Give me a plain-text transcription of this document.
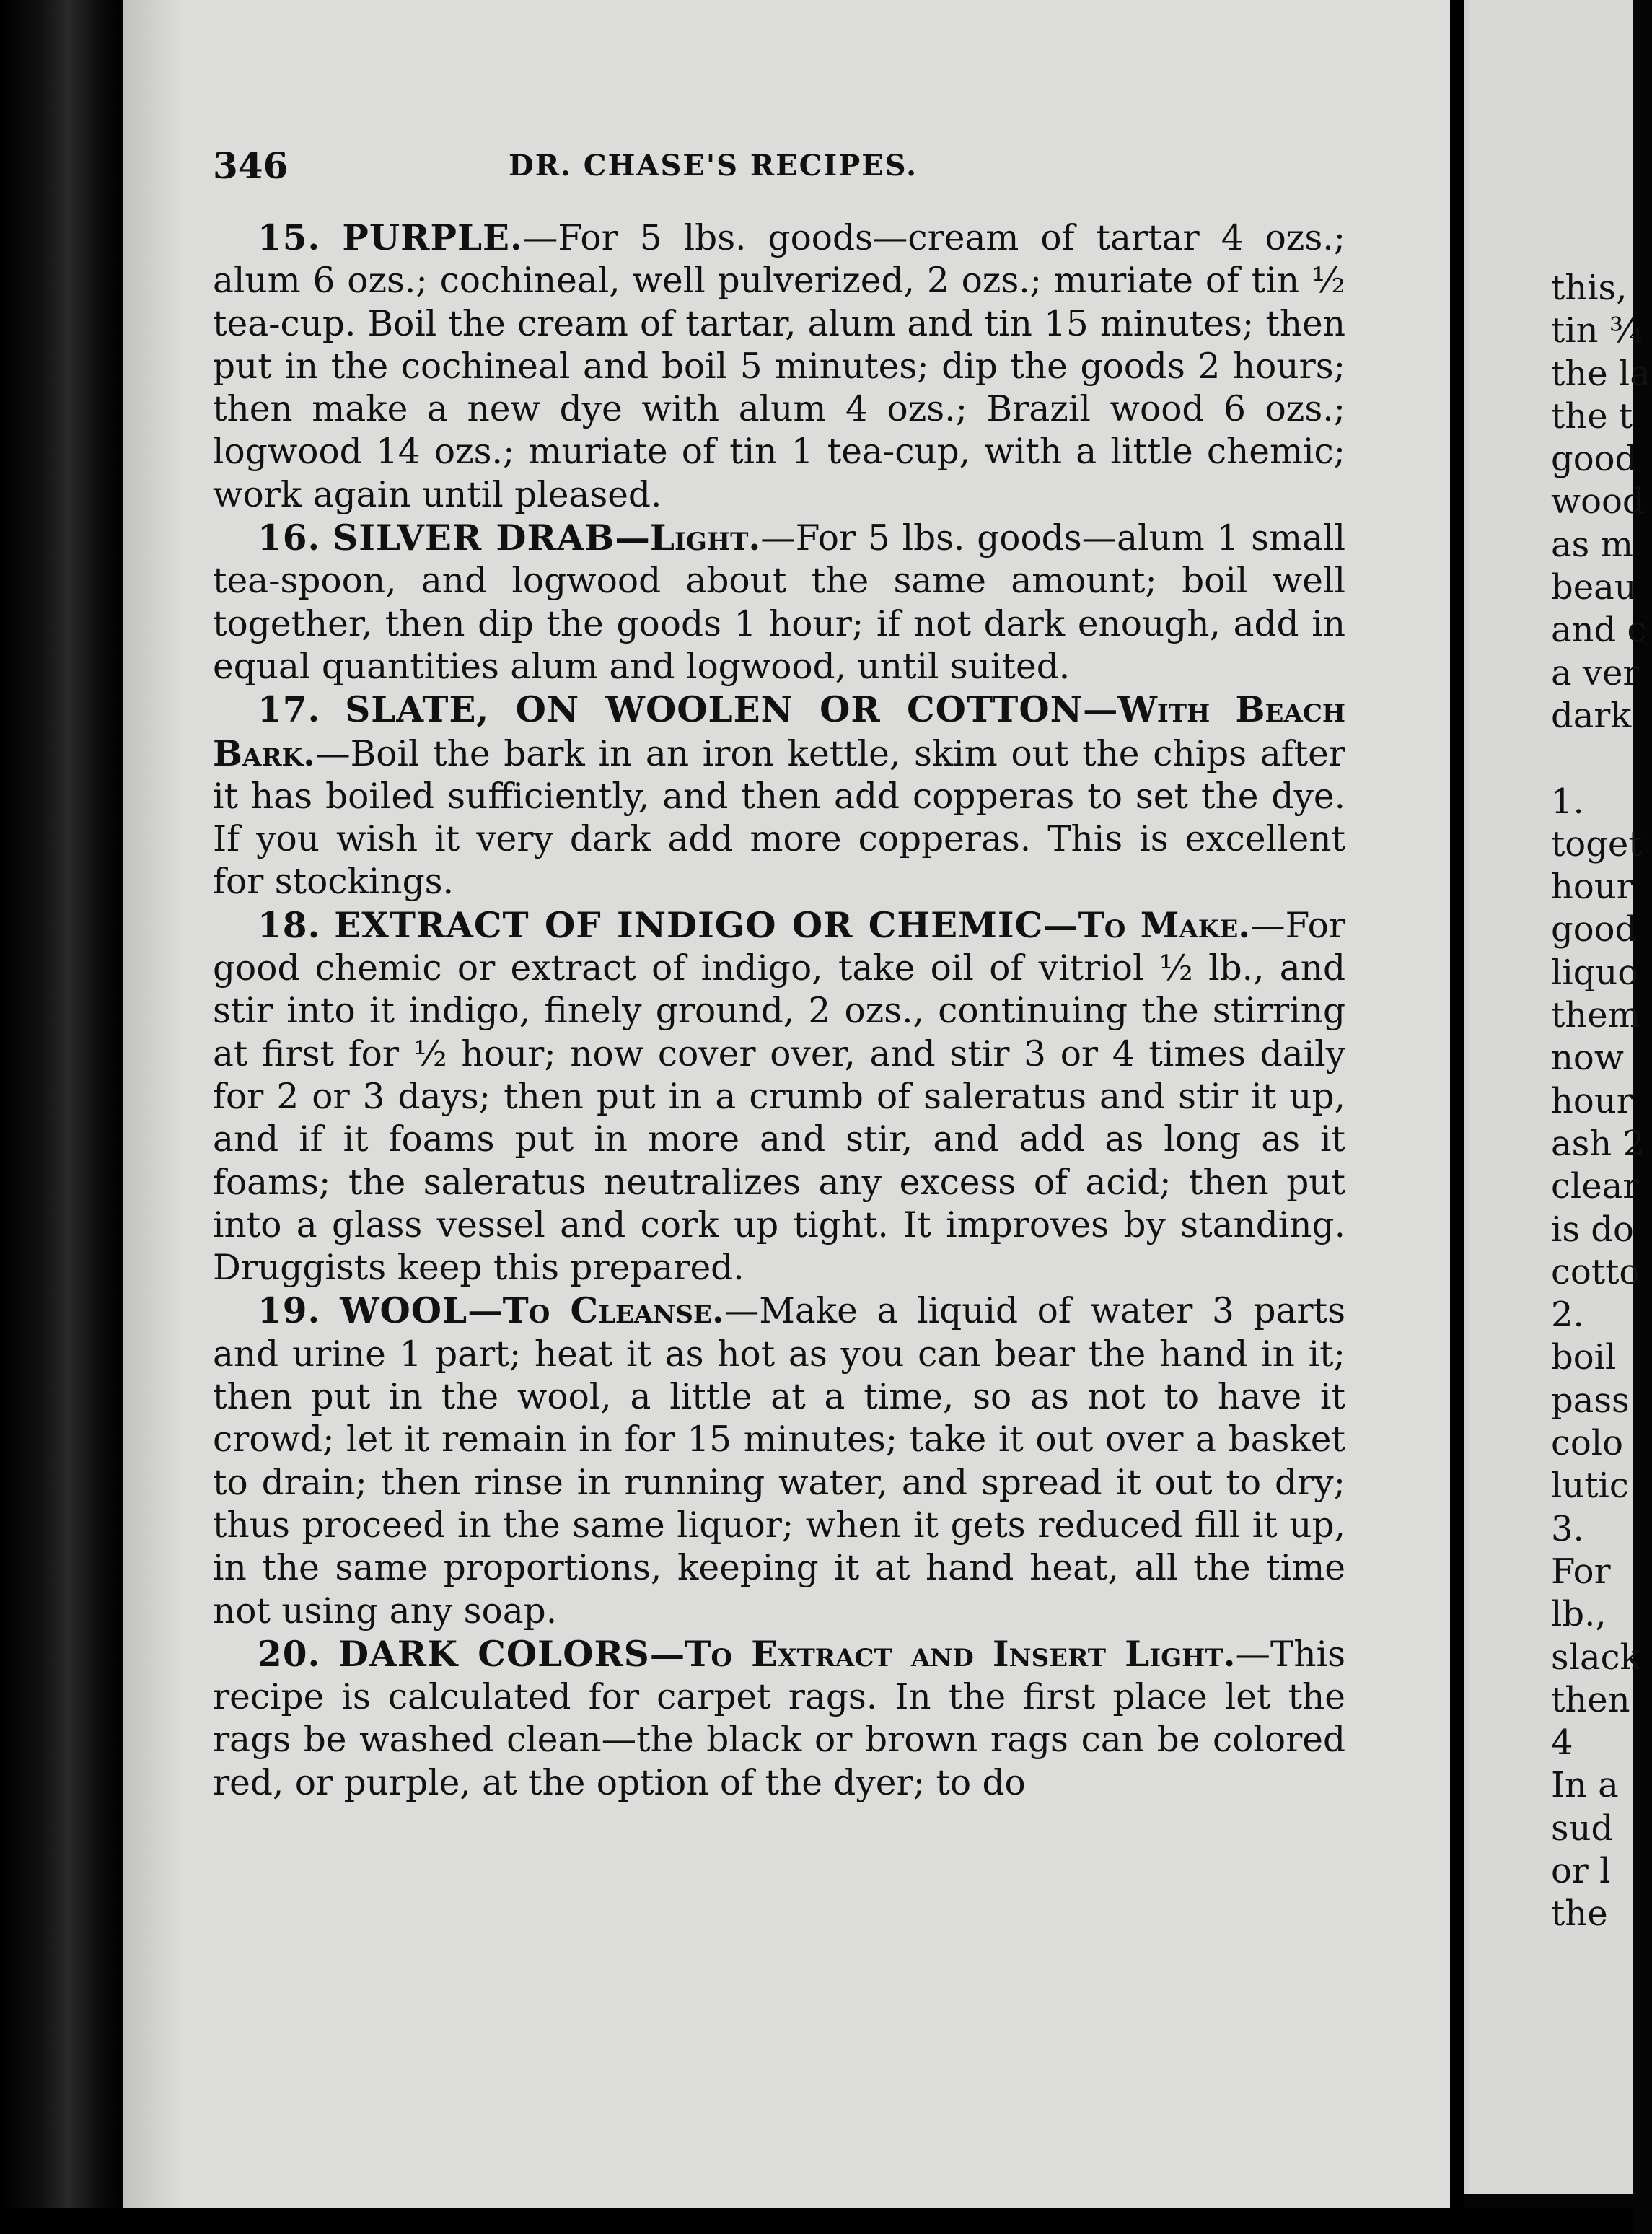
346	DR. CHASE'S RECIPES.

15. PURPLE.—For 5 lbs. goods—cream of tartar 4 ozs.; alum 6 ozs.; cochineal, well pulverized, 2 ozs.; muriate of tin ½ tea-cup. Boil the cream of tartar, alum and tin 15 minutes; then put in the cochineal and boil 5 minutes; dip the goods 2 hours; then make a new dye with alum 4 ozs.; Brazil wood 6 ozs.; logwood 14 ozs.; muriate of tin 1 tea-cup, with a little chemic; work again until pleased.

16. SILVER DRAB—Light.—For 5 lbs. goods—alum 1 small tea-spoon, and logwood about the same amount; boil well together, then dip the goods 1 hour; if not dark enough, add in equal quantities alum and logwood, until suited.

17. SLATE, ON WOOLEN OR COTTON—With Beach Bark.—Boil the bark in an iron kettle, skim out the chips after it has boiled sufficiently, and then add copperas to set the dye. If you wish it very dark add more copperas. This is excellent for stockings.

18. EXTRACT OF INDIGO OR CHEMIC—To Make.—For good chemic or extract of indigo, take oil of vitriol ½ lb., and stir into it indigo, finely ground, 2 ozs., continuing the stirring at first for ½ hour; now cover over, and stir 3 or 4 times daily for 2 or 3 days; then put in a crumb of saleratus and stir it up, and if it foams put in more and stir, and add as long as it foams; the saleratus neutralizes any excess of acid; then put into a glass vessel and cork up tight. It improves by standing. Druggists keep this prepared.

19. WOOL—To Cleanse.—Make a liquid of water 3 parts and urine 1 part; heat it as hot as you can bear the hand in it; then put in the wool, a little at a time, so as not to have it crowd; let it remain in for 15 minutes; take it out over a basket to drain; then rinse in running water, and spread it out to dry; thus proceed in the same liquor; when it gets reduced fill it up, in the same proportions, keeping it at hand heat, all the time not using any soap.

20. DARK COLORS—To Extract and Insert Light.—This recipe is calculated for carpet rags. In the first place let the rags be washed clean—the black or brown rags can be colored red, or purple, at the option of the dyer; to do

this,
tin ¾
the la
the t
good
wood
as m
beau
and c
a ver
dark
1.
toget
hour
good
liquo
them
now
hour
ash 2
clear
is do
cotto
2.
boil
pass
colo
lutic
3.
For
lb.,
slack
then
4
In a
sud
or l
the
